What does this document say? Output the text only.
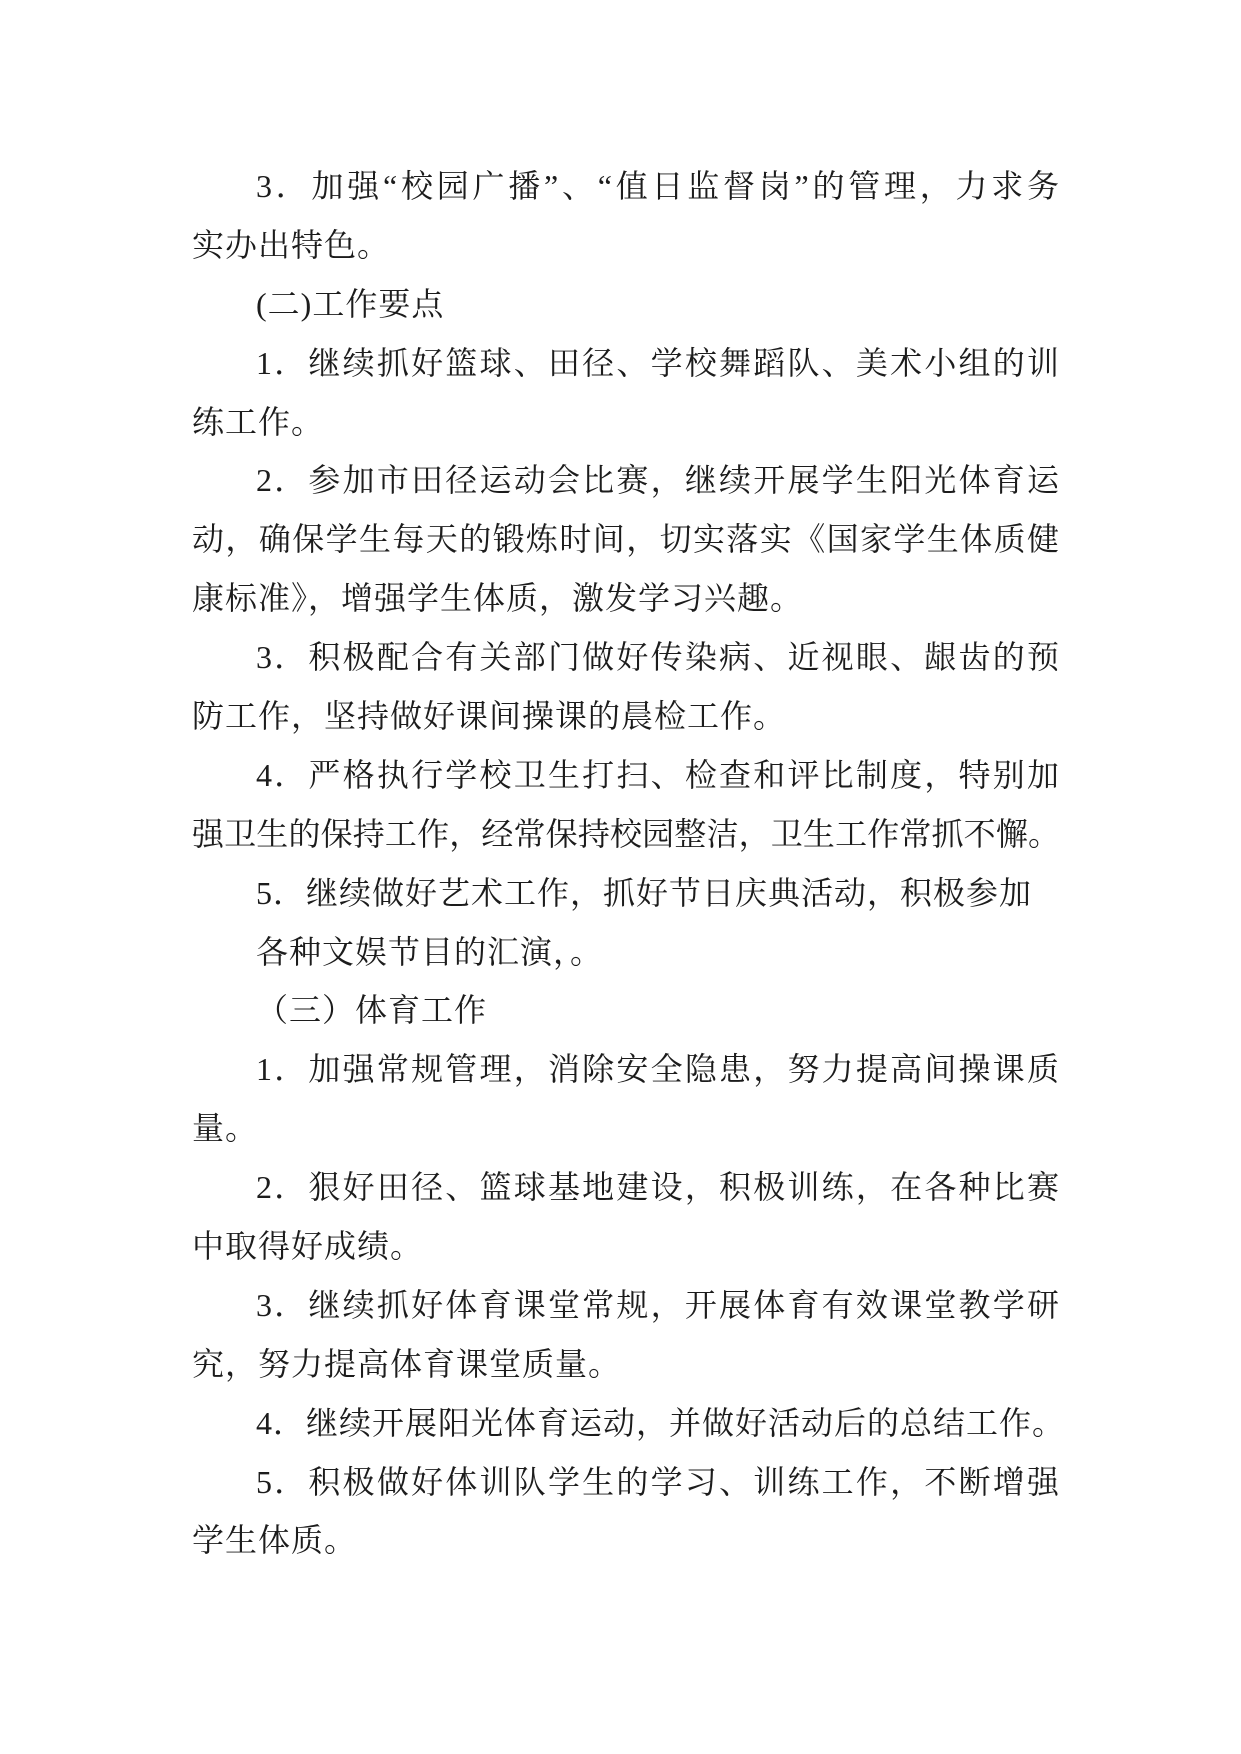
3．加强“校园广播”、“值日监督岗”的管理，力求务
实办出特色。
(二)工作要点
1．继续抓好篮球、田径、学校舞蹈队、美术小组的训
练工作。
2．参加市田径运动会比赛，继续开展学生阳光体育运
动，确保学生每天的锻炼时间，切实落实《国家学生体质健
康标准》，增强学生体质，激发学习兴趣。
3．积极配合有关部门做好传染病、近视眼、龈齿的预
防工作，坚持做好课间操课的晨检工作。
4．严格执行学校卫生打扫、检查和评比制度，特别加
强卫生的保持工作，经常保持校园整洁，卫生工作常抓不懈。
5．继续做好艺术工作，抓好节日庆典活动，积极参加
各种文娱节目的汇演，。
（三）体育工作
1．加强常规管理，消除安全隐患，努力提高间操课质
量。
2．狠好田径、篮球基地建设，积极训练，在各种比赛
中取得好成绩。
3．继续抓好体育课堂常规，开展体育有效课堂教学研
究，努力提高体育课堂质量。
4．继续开展阳光体育运动，并做好活动后的总结工作。
5．积极做好体训队学生的学习、训练工作，不断增强
学生体质。
